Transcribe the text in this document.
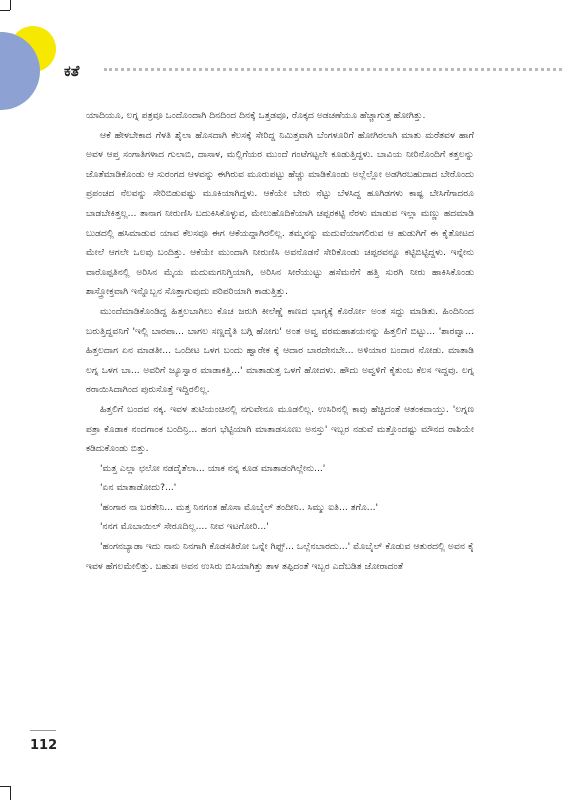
ಕತೆ

ಯಾದಿಯೂ, ಲಗ್ನ ಪತ್ರವೂ ಒಂದೊಂದಾಗಿ ದಿನದಿಂದ ದಿನಕ್ಕೆ ಒತ್ತಡವೂ, ರೊಕ್ಕದ ಅಡಚಣೆಯೂ ಹೆಚ್ಚಾಗುತ್ತ ಹೋಗಿತ್ತು.

ಆಕೆ ಹೇಳಬೇಕಾದ ಗೆಳತಿ ಶೈಲಾ ಹೊಸದಾಗಿ ಕೆಲಸಕ್ಕೆ ಸೇರಿದ್ದ ನಿಮಿತ್ತವಾಗಿ ಬೆಂಗಳೂರಿಗೆ ಹೋಗಿರಲಾಗಿ ಮಾತು ಮರೆತವಳ ಹಾಗೆ ಅವಳ ಆಪ್ತ ಸಂಗಾತಿಗಳಾದ ಗುಲಾಬಿ, ದಾಸಾಳ, ಮಲ್ಲಿಗೆಯರ ಮುಂದೆ ಗಂಟೆಗಟ್ಟಲೇ ಕೂಡುತ್ತಿದ್ದಳು. ಬಾವಿಯ ನೀರಿನೊಂದಿಗೆ ಕತ್ತಲನ್ನು ಜೊತೆಮಾಡಿಕೊಂಡು ಆ ಸುರಂಗದ ಆಳವನ್ನು ಈಗಿರುವ ಮೂರುಪಟ್ಟು ಹೆಚ್ಚು ಮಾಡಿಕೊಂಡು ಅಲ್ಲೆಲ್ಲೋ ಅಡಗಿರಬಹುದಾದ ಬೇರೊಂದು ಪ್ರಪಂಚದ ನೆಲವನ್ನು ಸೇರಿಬಿಡುವಷ್ಟು ಮೂಕಿಯಾಗಿದ್ದಳು. ಆಕೆಯೇ ಬೇರು ನೆಟ್ಟು ಬೆಳಸಿದ್ದ ಹೂಗಿಡಗಳು ಕಾಷ್ಟ ಬೇಸಿಗೆಗಾದರೂ ಬಾಡಬೇಕಿತ್ತಲ್ಲ... ತಾನಾಗ ನೀರುಣಿಸಿ ಬದುಕಿಸಿಕೊಳ್ಳುವ, ಮೇಲುಹೊದಿಕೆಯಾಗಿ ಚಪ್ಪರಕಟ್ಟಿ ನೆರಳು ಮಾಡುವ ಇಲ್ಲಾ ಮಣ್ಣು ಹದಮಾಡಿ ಬುಡದಲ್ಲಿ ಹಸಿಮಾಡುವ ಯಾವ ಕೆಲಸವೂ ಈಗ ಆಕೆಯದ್ದಾಗಿರಲಿಲ್ಲ. ತಮ್ಮನನ್ನು ಮದುವೆಯಾಗಲಿರುವ ಆ ಹುಡುಗಿಗೆ ಈ ಕೈತೋಟದ ಮೇಲೆ ಆಗಲೇ ಒಲವು ಬಂದಿತ್ತು. ಆಕೆಯೇ ಮುಂದಾಗಿ ನೀರುಣಿಸಿ ಅವನೊಡನೆ ಸೇರಿಕೊಂಡು ಚಪ್ಪರವನ್ನೂ ಕಟ್ಟಿಬಿಟ್ಟಿದ್ದಳು. ಇನ್ನೇನು ವಾರೊಪ್ಪತಿನಲ್ಲಿ ಅರಿಸಿನ ಮೈಯ ಮದುಮಗನಿಗ್ತಿಯಾಗಿ, ಅರಿಸಿನ ಸೀರೆಯುಟ್ಟು ಹಸೆಮನೆಗೆ ಹತ್ತಿ ಸುರಗಿ ನೀರು ಹಾಕಿಸಿಕೊಂಡು ಶಾಸ್ತ್ರೋಕ್ತವಾಗಿ ಇನ್ನೊಬ್ಬನ ಸೊತ್ತಾಗುವುದು ಪರಿಪರಿಯಾಗಿ ಕಾಡುತ್ತಿತ್ತು.

ಮುಂದೆಮಾಡಿಕೊಂಡಿದ್ದ ಹಿತ್ತಲಬಾಗಿಲು ಕೊಚ ಜರುಗಿ ಕೀಲೆಣ್ಣೆ ಕಾಣದ ಭಾಗ್ಯಕ್ಕೆ ಕೊರ್ರೋ ಅಂತ ಸದ್ದು ಮಾಡಿತು. ಹಿಂದಿನಿಂದ ಬರುತ್ತಿದ್ದವನಿಗೆ 'ಇಲ್ಲಿ ಬಾರಪಾ... ಬಾಗಲ ಸಣ್ಣದೈತಿ ಬಗ್ಗಿ ಹೋಗು' ಅಂತ ಅವ್ವ ವರಮಹಾಶಯನನ್ನು ಹಿತ್ತಲಿಗೆ ಬಿಟ್ಟು... 'ಶಾರವ್ವಾ... ಹಿತ್ತಲದಾಗ ಏನ ಮಾಡತೀ... ಒಂದೀಟ ಒಳಗ ಬಂದು ಹ್ವಾರೇಕ ಕ್ಕೆ ಆದಾರ ಬಾರದೇನಬೇ... ಅಳಿಯಾರ ಬಂದಾರ ನೋಡು. ಮಾತಾಡಿ ಲಗ್ನ ಒಳಗ ಬಾ... ಅವರಿಗೆ ಜ್ಯೂಸ್ವಾರ ಮಾಡಾಕತ್ತಿ...' ಮಾತಾಡುತ್ತ ಒಳಗೆ ಹೋದಳು. ಹೌದು ಅವ್ವಳಿಗೆ ಕೈತುಂಬ ಕೆಲಸ ಇದ್ದವು. ಲಗ್ನ ಠರಾಯಿಸಿದಾಗಿಂದ ಪುರುಸೊತ್ತೆ ಇದ್ದಿರಲಿಲ್ಲ.

ಹಿತ್ತಲಿಗೆ ಬಂದವ ನಕ್ಕ. ಇವಳ ತುಟಿಯಂಚಿನಲ್ಲಿ ನಗುವೇನೂ ಮೂಡಲಿಲ್ಲ. ಉಸಿರಿನಲ್ಲಿ ಕಾವು ಹೆಚ್ಚಿದಂತೆ ಆತಂಕವಾಯ್ತು. 'ಲಗ್ನಣ ಪತ್ರಾ ಕೊಡಾಕ ನಂದಗಾಂಕ ಬಂದಿನ್ರಿ... ಹಂಗ ಭೆಟ್ಟಿಯಾಗಿ ಮಾತಾಡಸೂಣು ಅನಸ್ತು' ಇಬ್ಬರ ನಡುವೆ ಮತ್ತೊಂದಷ್ಟು ಮೌನದ ರಾಶಿಯೇ ಕಡಿದುಕೊಂಡು ಬಿತ್ತು.

'ಮತ್ತ ಎಲ್ಲಾ ಛಲೋ ನಡದೈತೆಲಾ... ಯಾಕ ನನ್ನ ಕೂಡ ಮಾತಾಡಂಗಿಲ್ಲೇನು...'

'ಏನ ಮಾತಾಡೋದು?...'

'ಹಂಗಾರ ನಾ ಬರತೇನಿ... ಮತ್ತ ನಿನಗಂತ ಹೊಸಾ ಮೊಬೈಲ್ ತಂದೀನಿ.. ಸಿಮ್ಮು ಐತಿ... ತಗೊ...'

'ನನಗ ಮೊಬಾಯಿಲ್ ಸೇರೂದಿಲ್ಲ.... ನೀವ ಇಟಗೋರಿ...'

'ಹಂಗನಬ್ಯಾಡಾ ಇದು ನಾನು ನಿನಗಾಗಿ ಕೊಡಸತಿರೋ ಒನ್ನೇ ಗಿಫ್ಟ್... ಒಲ್ಲೆನಬಾರದು...' ಮೊಬೈಲ್ ಕೊಡುವ ಆತುರದಲ್ಲಿ ಅವನ ಕೈ ಇವಳ ಹೆಗಲಮೇಲಿತ್ತು. ಬಹುಶಃ ಅವನ ಉಸಿರು ಬಿಸಿಯಾಗಿತ್ತು ತಾಳ ತಪ್ಪಿದಂತೆ ಇಬ್ಬರ ಎದೆಬಡಿತ ಜೋರಾದಂತೆ

112
